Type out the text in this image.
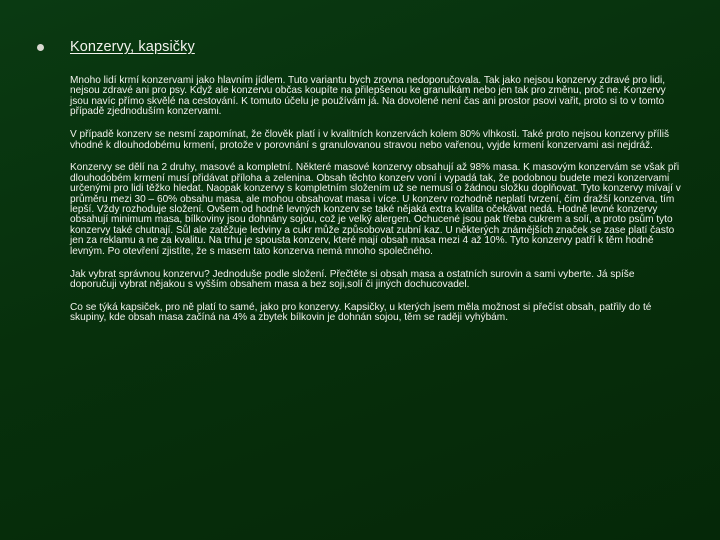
Konzervy, kapsičky

Mnoho lidí krmí konzervami jako hlavním jídlem. Tuto variantu bych zrovna nedoporučovala. Tak jako nejsou konzervy zdravé pro lidi, nejsou zdravé ani pro psy. Když ale konzervu občas koupíte na přilepšenou ke granulkám nebo jen tak pro změnu, proč ne. Konzervy jsou navíc přímo skvělé na cestování. K tomuto účelu je používám já. Na dovolené není čas ani prostor psovi vařit, proto si to v tomto případě zjednoduším konzervami.

V případě konzerv se nesmí zapomínat, že člověk platí i v kvalitních konzervách kolem 80% vlhkosti. Také proto nejsou konzervy příliš vhodné k dlouhodobému krmení, protože v porovnání s granulovanou stravou nebo vařenou, vyjde krmení konzervami asi nejdráž.

Konzervy se dělí na 2 druhy, masové a kompletní. Některé masové konzervy obsahují až 98% masa. K masovým konzervám se však při dlouhodobém krmení musí přidávat příloha a zelenina. Obsah těchto konzerv voní i vypadá tak, že podobnou budete mezi konzervami určenými pro lidi těžko hledat. Naopak konzervy s kompletním složením už se nemusí o žádnou složku doplňovat. Tyto konzervy mívají v průměru mezi 30 – 60% obsahu masa, ale mohou obsahovat masa i více. U konzerv rozhodně neplatí tvrzení, čím dražší konzerva, tím lepší. Vždy rozhoduje složení. Ovšem od hodně levných konzerv se také nějaká extra kvalita očekávat nedá. Hodně levné konzervy obsahují minimum masa, bílkoviny jsou dohnány sojou, což je velký alergen. Ochucené jsou pak třeba cukrem a solí, a proto psům tyto konzervy také chutnají. Sůl ale zatěžuje ledviny a cukr může způsobovat zubní kaz. U některých známějších značek se zase platí často jen za reklamu a ne za kvalitu. Na trhu je spousta konzerv, které mají obsah masa mezi 4 až 10%. Tyto konzervy patří k těm hodně levným. Po otevření zjistíte, že s masem tato konzerva nemá mnoho společného.

Jak vybrat správnou konzervu? Jednoduše podle složení. Přečtěte si obsah masa a ostatních surovin a sami vyberte. Já spíše doporučuji vybrat nějakou s vyšším obsahem masa a bez soji,solí či jiných dochucovadel.

Co se týká kapsiček, pro ně platí to samé, jako pro konzervy. Kapsičky, u kterých jsem měla možnost si přečíst obsah, patřily do té skupiny, kde obsah masa začíná na 4% a zbytek bílkovin je dohnán sojou, těm se raději vyhýbám.
